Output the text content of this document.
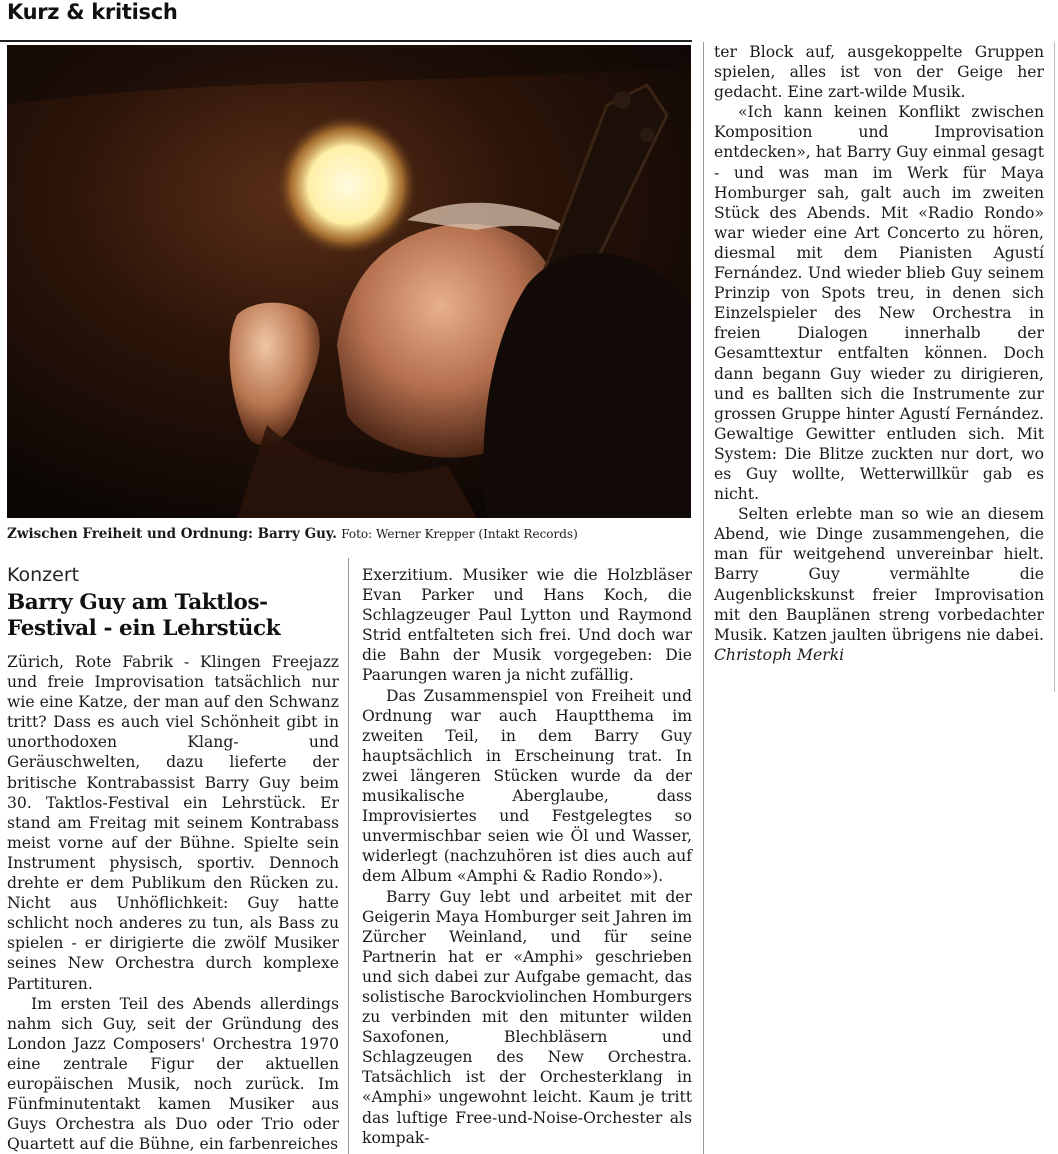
Kurz & kritisch
Zwischen Freiheit und Ordnung: Barry Guy. Foto: Werner Krepper (Intakt Records)
Konzert
Barry Guy am Taktlos-Festival - ein Lehrstück

Zürich, Rote Fabrik - Klingen Freejazz und freie Improvisation tatsächlich nur wie eine Katze, der man auf den Schwanz tritt? Dass es auch viel Schönheit gibt in unorthodoxen Klang- und Geräuschwelten, dazu lieferte der britische Kontrabassist Barry Guy beim 30. Taktlos-Festival ein Lehrstück. Er stand am Freitag mit seinem Kontrabass meist vorne auf der Bühne. Spielte sein Instrument physisch, sportiv. Dennoch drehte er dem Publikum den Rücken zu. Nicht aus Unhöflichkeit: Guy hatte schlicht noch anderes zu tun, als Bass zu spielen - er dirigierte die zwölf Musiker seines New Orchestra durch komplexe Partituren.

Im ersten Teil des Abends allerdings nahm sich Guy, seit der Gründung des London Jazz Composers' Orchestra 1970 eine zentrale Figur der aktuellen europäischen Musik, noch zurück. Im Fünfminutentakt kamen Musiker aus Guys Orchestra als Duo oder Trio oder Quartett auf die Bühne, ein farbenreiches

Exerzitium. Musiker wie die Holzbläser Evan Parker und Hans Koch, die Schlagzeuger Paul Lytton und Raymond Strid entfalteten sich frei. Und doch war die Bahn der Musik vorgegeben: Die Paarungen waren ja nicht zufällig.

Das Zusammenspiel von Freiheit und Ordnung war auch Hauptthema im zweiten Teil, in dem Barry Guy hauptsächlich in Erscheinung trat. In zwei längeren Stücken wurde da der musikalische Aberglaube, dass Improvisiertes und Festgelegtes so unvermischbar seien wie Öl und Wasser, widerlegt (nachzuhören ist dies auch auf dem Album «Amphi & Radio Rondo»).

Barry Guy lebt und arbeitet mit der Geigerin Maya Homburger seit Jahren im Zürcher Weinland, und für seine Partnerin hat er «Amphi» geschrieben und sich dabei zur Aufgabe gemacht, das solistische Barockviolinchen Homburgers zu verbinden mit den mitunter wilden Saxofonen, Blechbläsern und Schlagzeugen des New Orchestra. Tatsächlich ist der Orchesterklang in «Amphi» ungewohnt leicht. Kaum je tritt das luftige Free-und-Noise-Orchester als kompak-

ter Block auf, ausgekoppelte Gruppen spielen, alles ist von der Geige her gedacht. Eine zart-wilde Musik.

«Ich kann keinen Konflikt zwischen Komposition und Improvisation entdecken», hat Barry Guy einmal gesagt - und was man im Werk für Maya Homburger sah, galt auch im zweiten Stück des Abends. Mit «Radio Rondo» war wieder eine Art Concerto zu hören, diesmal mit dem Pianisten Agustí Fernández. Und wieder blieb Guy seinem Prinzip von Spots treu, in denen sich Einzelspieler des New Orchestra in freien Dialogen innerhalb der Gesamttextur entfalten können. Doch dann begann Guy wieder zu dirigieren, und es ballten sich die Instrumente zur grossen Gruppe hinter Agustí Fernández. Gewaltige Gewitter entluden sich. Mit System: Die Blitze zuckten nur dort, wo es Guy wollte, Wetterwillkür gab es nicht.

Selten erlebte man so wie an diesem Abend, wie Dinge zusammengehen, die man für weitgehend unvereinbar hielt. Barry Guy vermählte die Augenblickskunst freier Improvisation mit den Bauplänen streng vorbedachter Musik. Katzen jaulten übrigens nie dabei.

Christoph Merki
